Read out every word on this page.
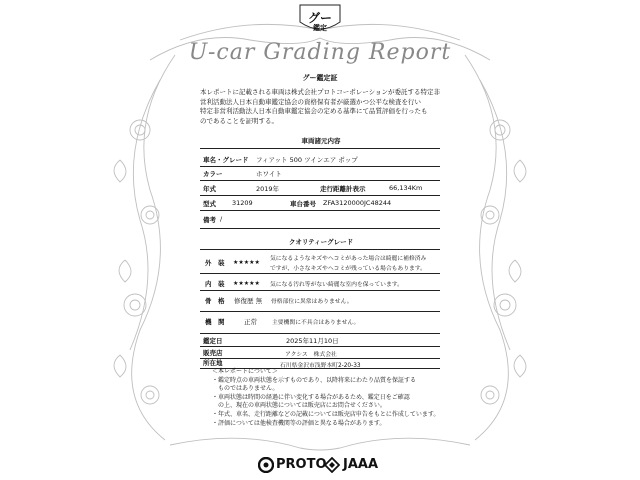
グー
鑑定
U-car Grading Report
グー鑑定証
本レポートに記載される車両は株式会社プロトコーポレーションが委託する特定非
営利活動法人日本自動車鑑定協会の資格保有者が厳選かつ公平な検査を行い
特定非営利活動法人日本自動車鑑定協会の定める基準にて品質評価を行ったも
のであることを証明する。
車両諸元内容
車名・グレード フィアット 500 ツインエア ポップ
カラー	ホワイト
年式	2019年	走行距離計表示	66,134Km
型式 31209	車台番号 ZFA3120000JC48244
備考 /
クオリティーグレード
外　装 ★★★★★ 気になるようなキズやヘコミがあった場合は綺麗に補修済み
ですが、小さなキズやヘコミが残っている場合もあります。
内　装 ★★★★★ 気になる汚れ等がない綺麗な室内を保っています。
骨　格 修復歴 無 骨格部位に異常はありません。
機　関	正常	主要機関に不具合はありません。
鑑定日	2025年11月10日
販売店	アクシス　株式会社
所在地	石川県金沢市浅野本町2-20-33
＜本レポートについて＞
・鑑定時点の車両状態を示すものであり、以降将来にわたり品質を保証する
　ものではありません。
・車両状態は時間の経過に伴い変化する場合があるため、鑑定日をご確認
　の上、現在の車両状態については販売店にお問合せください。
・年式、車名、走行距離などの記載については販売店申告をもとに作成しています。
・評価については他検査機関等の評価と異なる場合があります。
PROTO JAAA
